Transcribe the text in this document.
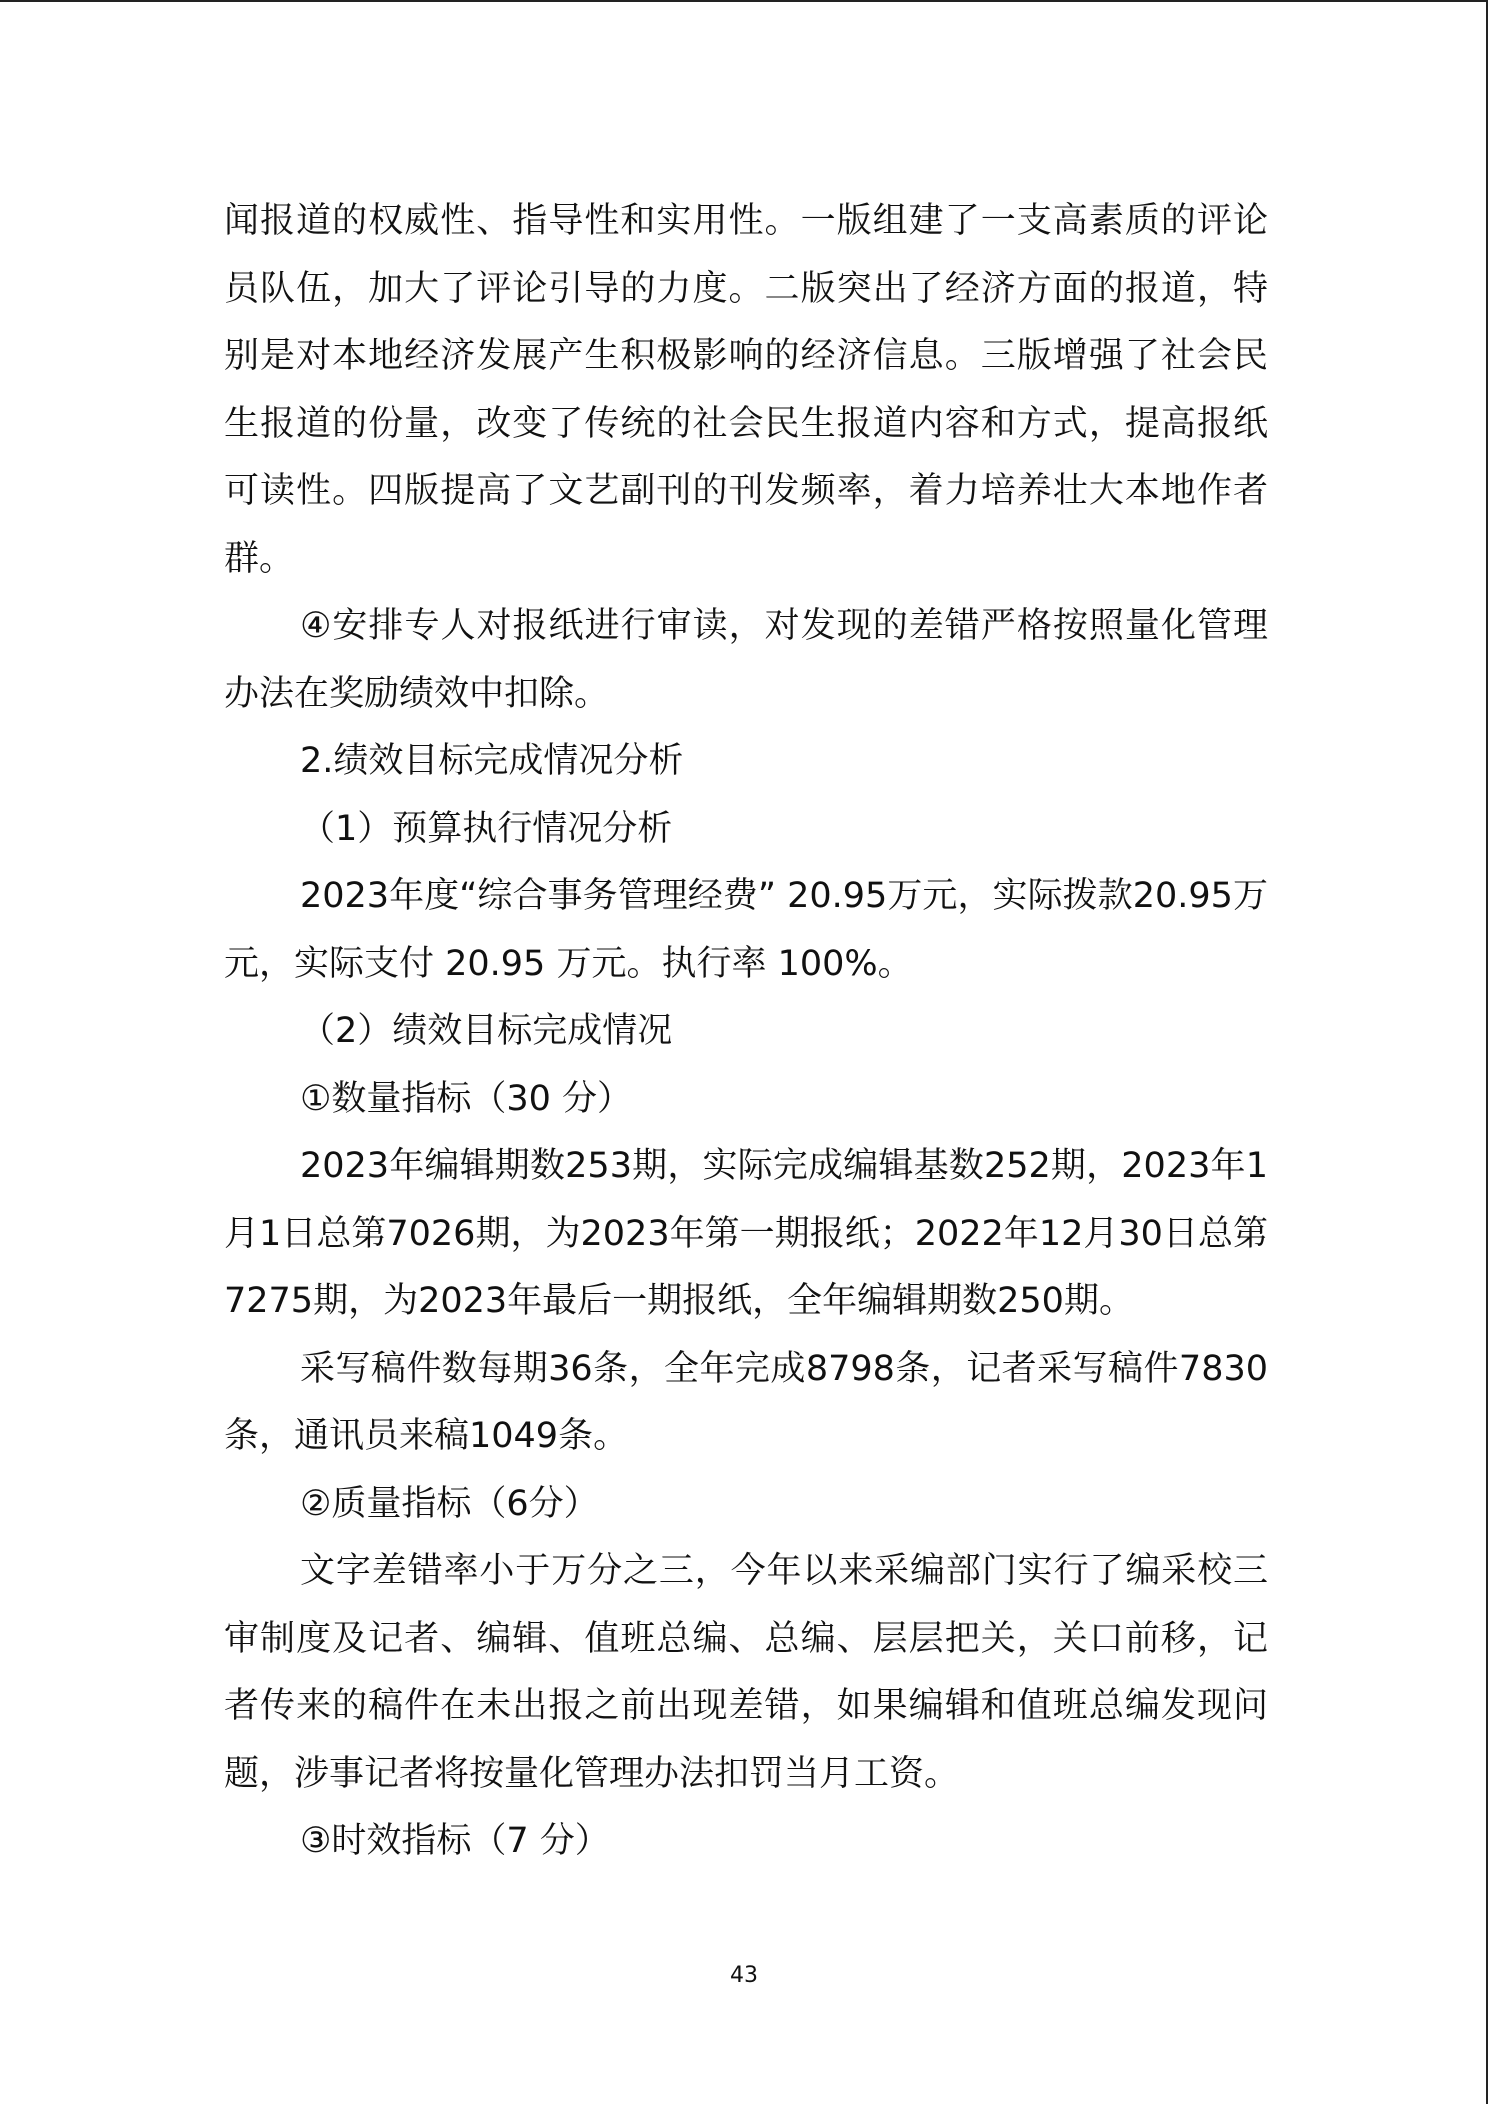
闻报道的权威性、指导性和实用性。一版组建了一支高素质的评论员队伍，加大了评论引导的力度。二版突出了经济方面的报道，特别是对本地经济发展产生积极影响的经济信息。三版增强了社会民生报道的份量，改变了传统的社会民生报道内容和方式，提高报纸可读性。四版提高了文艺副刊的刊发频率，着力培养壮大本地作者群。

④安排专人对报纸进行审读，对发现的差错严格按照量化管理办法在奖励绩效中扣除。

2.绩效目标完成情况分析

（1）预算执行情况分析

2023年度“综合事务管理经费” 20.95万元，实际拨款20.95万元，实际支付 20.95 万元。执行率 100%。

（2）绩效目标完成情况

①数量指标（30 分）

2023年编辑期数253期，实际完成编辑基数252期，2023年1月1日总第7026期，为2023年第一期报纸；2022年12月30日总第7275期，为2023年最后一期报纸，全年编辑期数250期。

采写稿件数每期36条，全年完成8798条，记者采写稿件7830条，通讯员来稿1049条。

②质量指标（6分）

文字差错率小于万分之三，今年以来采编部门实行了编采校三审制度及记者、编辑、值班总编、总编、层层把关，关口前移，记者传来的稿件在未出报之前出现差错，如果编辑和值班总编发现问题，涉事记者将按量化管理办法扣罚当月工资。

③时效指标（7 分）

43
